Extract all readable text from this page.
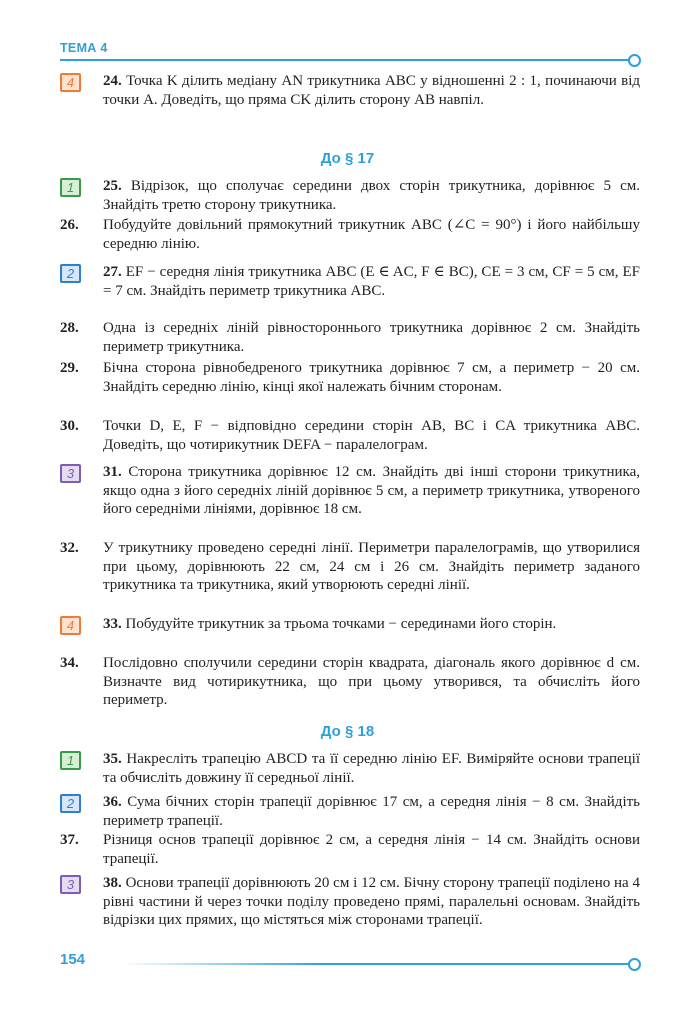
ТЕМА 4
4	24. Точка K ділить медіану AN трикутника ABC у відношенні 2 : 1, починаючи від точки A. Доведіть, що пряма CK ділить сторону AB навпіл.
До § 17
1	25. Відрізок, що сполучає середини двох сторін трикутника, дорівнює 5 см. Знайдіть третю сторону трикутника.
26. Побудуйте довільний прямокутний трикутник ABC (∠C = 90°) і його найбільшу середню лінію.
2	27. EF − середня лінія трикутника ABC (E ∈ AC, F ∈ BC), CE = 3 см, CF = 5 см, EF = 7 см. Знайдіть периметр трикутника ABC.
28. Одна із середніх ліній рівностороннього трикутника дорівнює 2 см. Знайдіть периметр трикутника.
29. Бічна сторона рівнобедреного трикутника дорівнює 7 см, а периметр − 20 см. Знайдіть середню лінію, кінці якої належать бічним сторонам.
30. Точки D, E, F − відповідно середини сторін AB, BC і CA трикутника ABC. Доведіть, що чотирикутник DEFA − паралелограм.
3	31. Сторона трикутника дорівнює 12 см. Знайдіть дві інші сторони трикутника, якщо одна з його середніх ліній дорівнює 5 см, а периметр трикутника, утвореного його середніми лініями, дорівнює 18 см.
32. У трикутнику проведено середні лінії. Периметри паралелограмів, що утворилися при цьому, дорівнюють 22 см, 24 см і 26 см. Знайдіть периметр заданого трикутника та трикутника, який утворюють середні лінії.
4	33. Побудуйте трикутник за трьома точками − серединами його сторін.
34. Послідовно сполучили середини сторін квадрата, діагональ якого дорівнює d см. Визначте вид чотирикутника, що при цьому утворився, та обчисліть його периметр.
До § 18
1	35. Накресліть трапецію ABCD та її середню лінію EF. Виміряйте основи трапеції та обчисліть довжину її середньої лінії.
2	36. Сума бічних сторін трапеції дорівнює 17 см, а середня лінія − 8 см. Знайдіть периметр трапеції.
37. Різниця основ трапеції дорівнює 2 см, а середня лінія − 14 см. Знайдіть основи трапеції.
3	38. Основи трапеції дорівнюють 20 см і 12 см. Бічну сторону трапеції поділено на 4 рівні частини й через точки поділу проведено прямі, паралельні основам. Знайдіть відрізки цих прямих, що містяться між сторонами трапеції.
154
